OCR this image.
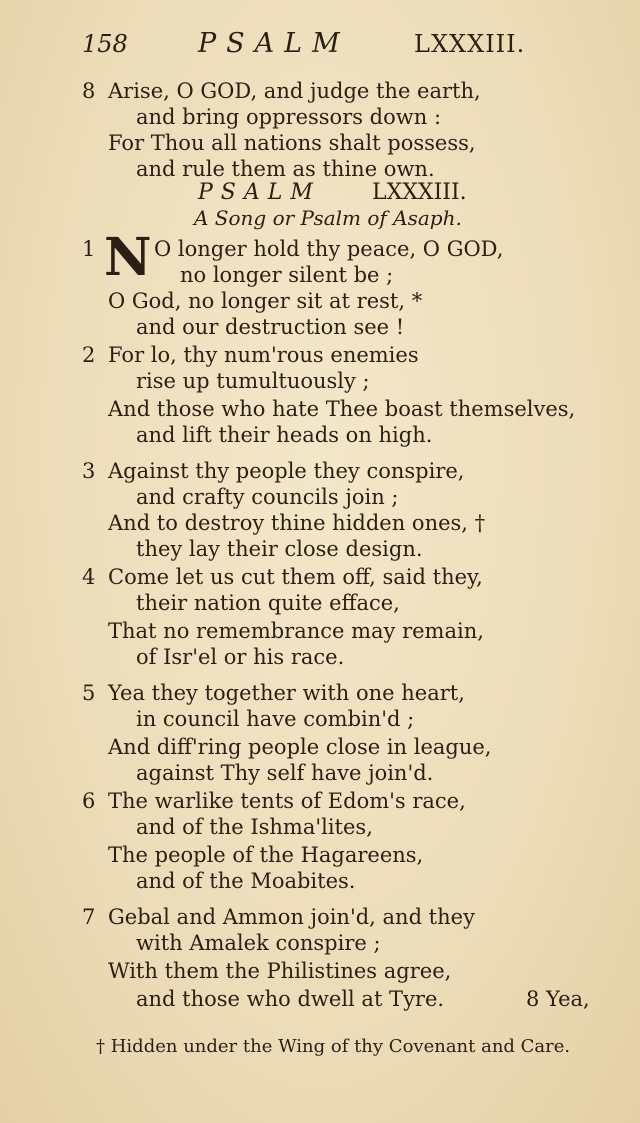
158	PSALM	LXXXIII.
8 Arise, O GOD, and judge the earth,
and bring oppressors down :
For Thou all nations shalt possess,
and rule them as thine own.
PSALM LXXXIII.
A Song or Psalm of Asaph.
1 N O longer hold thy peace, O GOD,
no longer silent be ;
O God, no longer sit at rest, *
and our destruction see !
2 For lo, thy num'rous enemies
rise up tumultuously ;
And those who hate Thee boast themselves,
and lift their heads on high.
3 Against thy people they conspire,
and crafty councils join ;
And to destroy thine hidden ones, †
they lay their close design.
4 Come let us cut them off, said they,
their nation quite efface,
That no remembrance may remain,
of Isr'el or his race.
5 Yea they together with one heart,
in council have combin'd ;
And diff'ring people close in league,
against Thy self have join'd.
6 The warlike tents of Edom's race,
and of the Ishma'lites,
The people of the Hagareens,
and of the Moabites.
7 Gebal and Ammon join'd, and they
with Amalek conspire ;
With them the Philistines agree,
and those who dwell at Tyre.	8 Yea,
† Hidden under the Wing of thy Covenant and Care.
